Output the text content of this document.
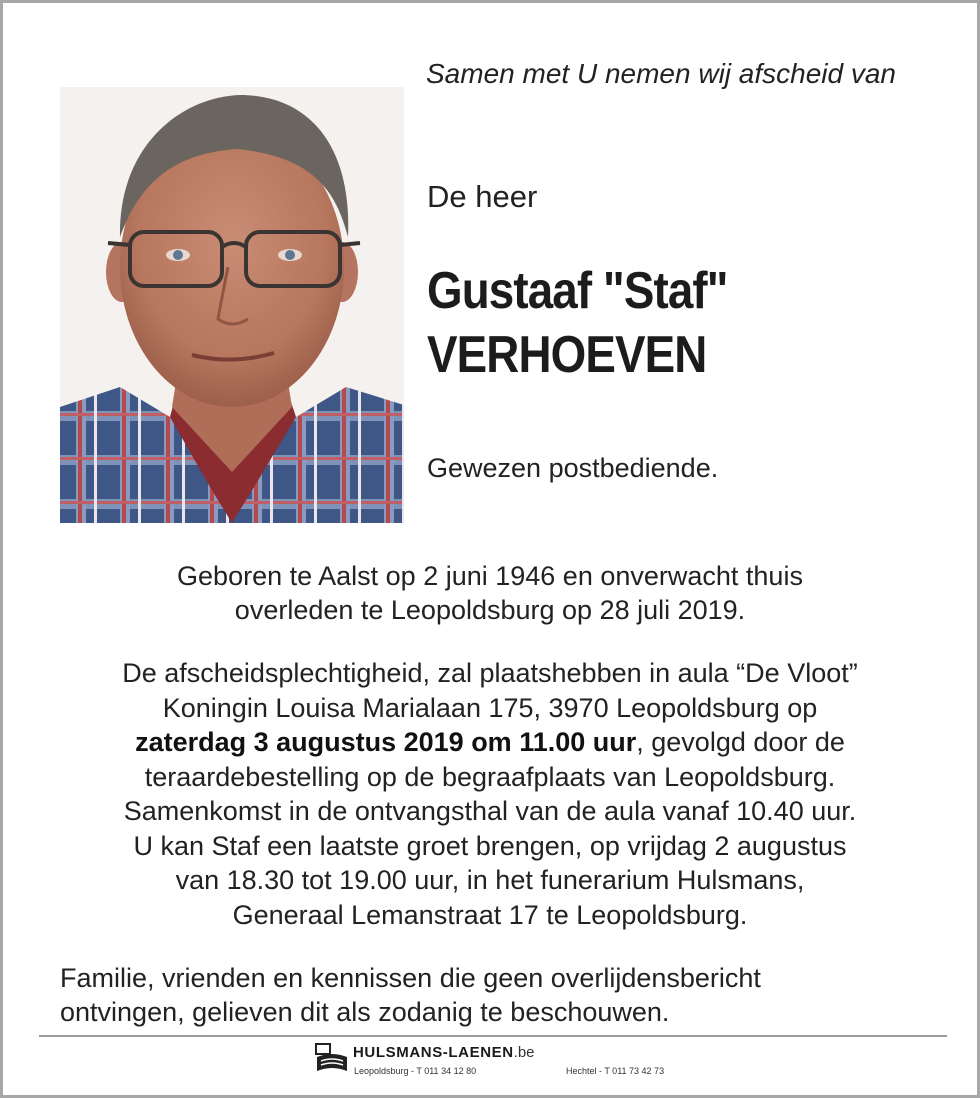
Samen met U nemen wij afscheid van
De heer
Gustaaf "Staf"
VERHOEVEN
Gewezen postbediende.
Geboren te Aalst op 2 juni 1946 en onverwacht thuis
overleden te Leopoldsburg op 28 juli 2019.
De afscheidsplechtigheid, zal plaatshebben in aula “De Vloot”
Koningin Louisa Marialaan 175, 3970 Leopoldsburg op
zaterdag 3 augustus 2019 om 11.00 uur, gevolgd door de
teraardebestelling op de begraafplaats van Leopoldsburg.
Samenkomst in de ontvangsthal van de aula vanaf 10.40 uur.
U kan Staf een laatste groet brengen, op vrijdag 2 augustus
van 18.30 tot 19.00 uur, in het funerarium Hulsmans,
Generaal Lemanstraat 17 te Leopoldsburg.
Familie, vrienden en kennissen die geen overlijdensbericht
ontvingen, gelieven dit als zodanig te beschouwen.
HULSMANS-LAENEN.be
Leopoldsburg - T 011 34 12 80	Hechtel - T 011 73 42 73
